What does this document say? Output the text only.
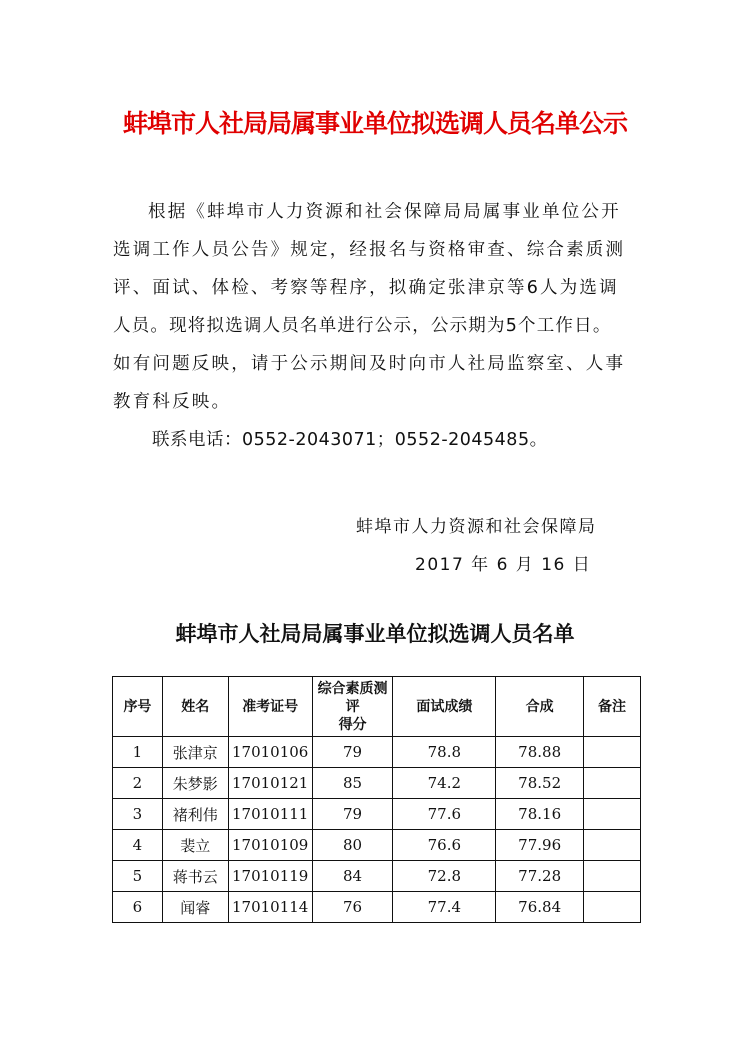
蚌埠市人社局局属事业单位拟选调人员名单公示
根据《蚌埠市人力资源和社会保障局局属事业单位公开
选调工作人员公告》规定，经报名与资格审查、综合素质测
评、面试、体检、考察等程序，拟确定张津京等6人为选调
人员。现将拟选调人员名单进行公示，公示期为5个工作日。
如有问题反映，请于公示期间及时向市人社局监察室、人事
教育科反映。
联系电话：0552-2043071；0552-2045485。
蚌埠市人力资源和社会保障局
2017 年 6 月 16 日
蚌埠市人社局局属事业单位拟选调人员名单
序号	姓名	准考证号	综合素质测评
得分	面试成绩	合成	备注
1	张津京	17010106	79	78.8	78.88	
2	朱梦影	17010121	85	74.2	78.52	
3	褚利伟	17010111	79	77.6	78.16	
4	裴立	17010109	80	76.6	77.96	
5	蒋书云	17010119	84	72.8	77.28	
6	闻睿	17010114	76	77.4	76.84	
